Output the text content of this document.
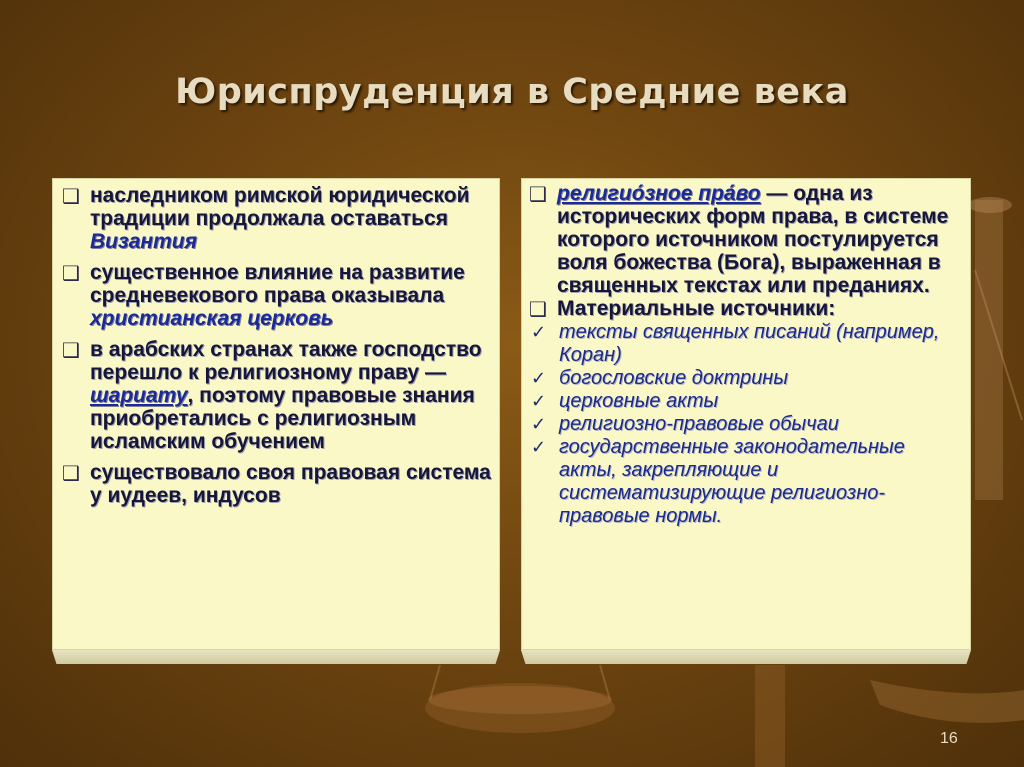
Юриспруденция в Средние века
❑ наследником римской юридической традиции продолжала оставаться Византия
❑ существенное влияние на развитие средневекового права оказывала христианская церковь
❑ в арабских странах также господство перешло к религиозному праву — шариату, поэтому правовые знания приобретались с религиозным исламским обучением
❑ существовало своя правовая система у иудеев, индусов
❑ религио́зное пра́во — одна из исторических форм права, в системе которого источником постулируется воля божества (Бога), выраженная в священных текстах или преданиях.
❑ Материальные источники:
✓ тексты священных писаний (например, Коран)
✓ богословские доктрины
✓ церковные акты
✓ религиозно-правовые обычаи
✓ государственные законодательные акты, закрепляющие и систематизирующие религиозно-правовые нормы.
16
